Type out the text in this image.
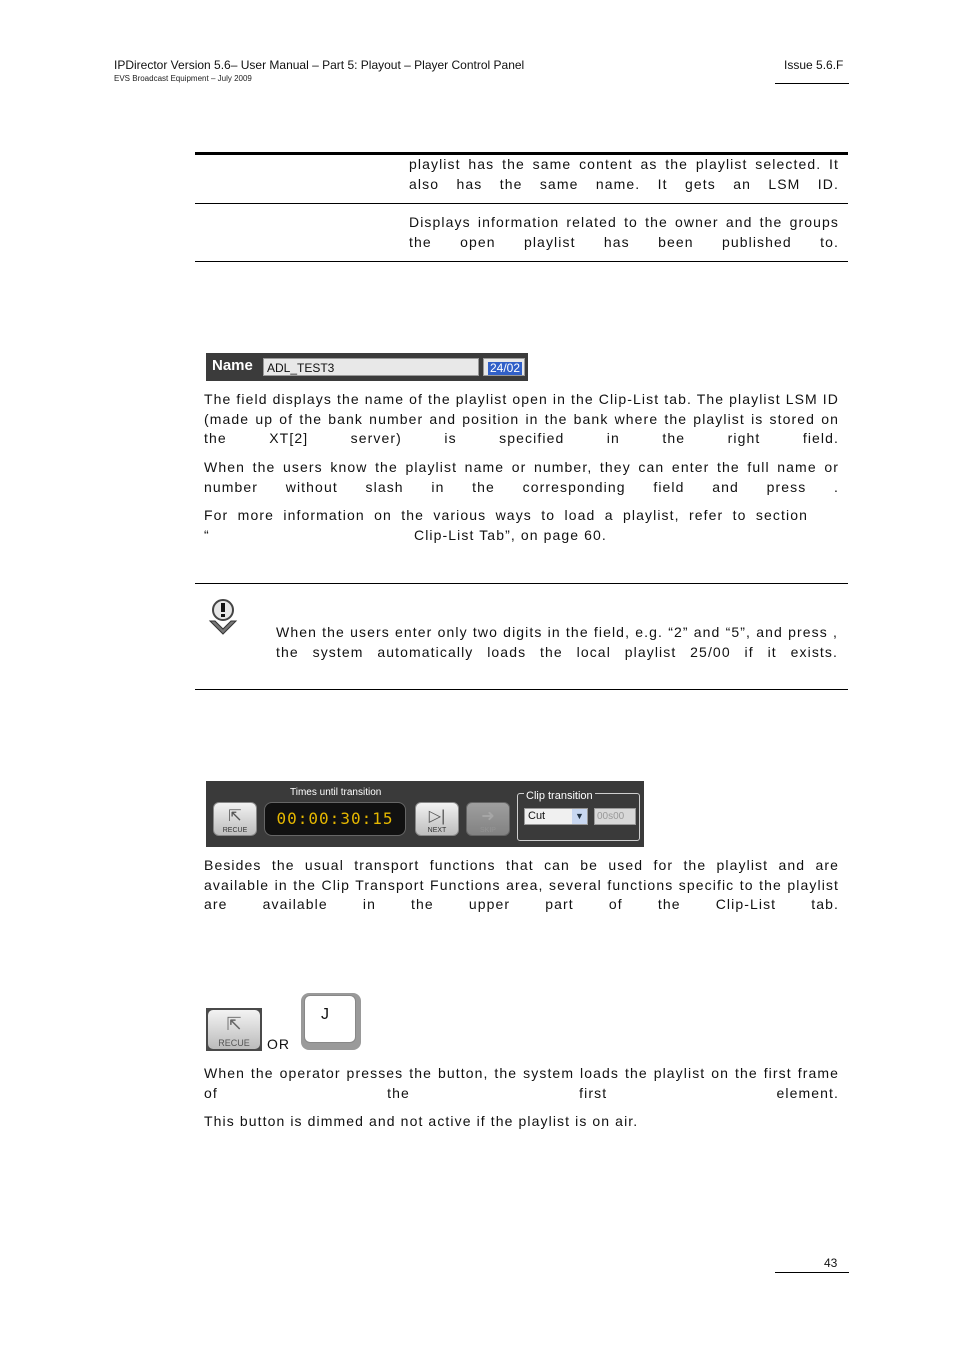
IPDirector Version 5.6– User Manual – Part 5: Playout – Player Control Panel
EVS Broadcast Equipment – July 2009
Issue 5.6.F
playlist has the same content as the playlist selected. It also has the same name. It gets an LSM ID.
Displays information related to the owner and the groups the open playlist has been published to.
Name	ADL_TEST3	24/02
The field displays the name of the playlist open in the Clip-List tab. The playlist LSM ID (made up of the bank number and position in the bank where the playlist is stored on the XT[2] server) is specified in the right field.
When the users know the playlist name or number, they can enter the full name or number without slash in the corresponding field and press .
For more information on the various ways to load a playlist, refer to section
“	Clip-List Tab”, on page 60.
When the users enter only two digits in the field, e.g. “2” and “5”, and press , the system automatically loads the local playlist 25/00 if it exists.
⇱
RECUE
Times until transition
00:00:30:15	▷|
NEXT
➜
SKIP
Clip transition
Cut	▼	00s00
Besides the usual transport functions that can be used for the playlist and are available in the Clip Transport Functions area, several functions specific to the playlist are available in the upper part of the Clip-List tab.
⇱
RECUE	OR
J
When the operator presses the button, the system loads the playlist on the first frame of the first element.
This button is dimmed and not active if the playlist is on air.
43
